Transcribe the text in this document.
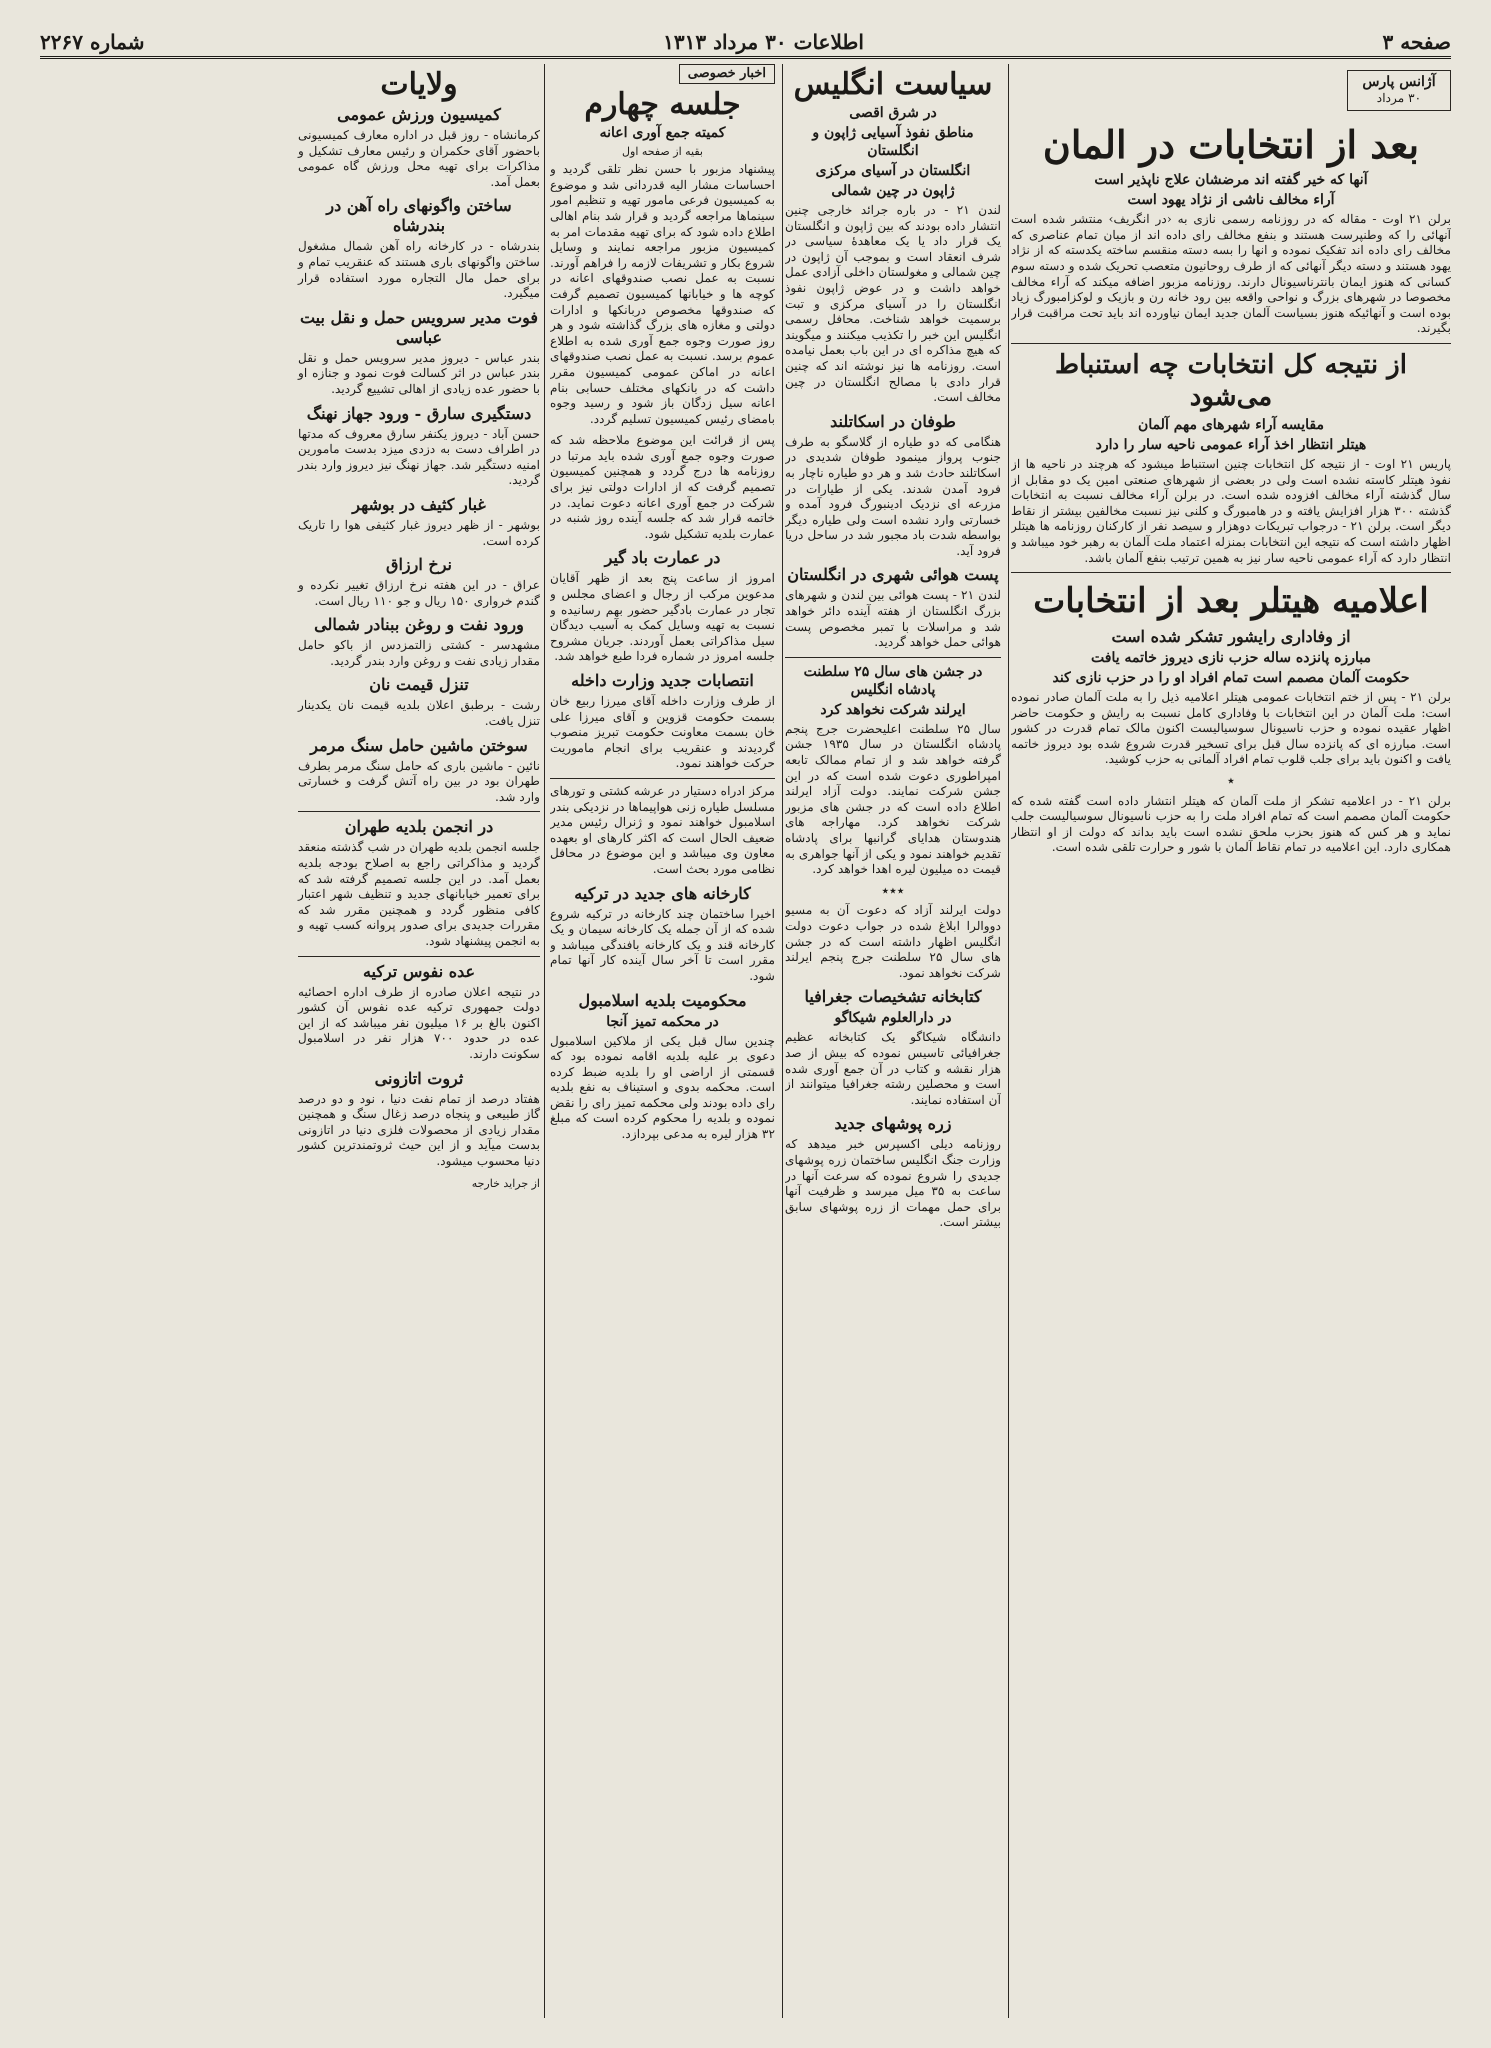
صفحه ۳
اطلاعات ۳۰ مرداد ۱۳۱۳
شماره ۲۲۶۷
آژانس پارس
۳۰ مرداد
بعد از انتخابات در المان
آنها که خیر گفته اند مرضشان علاج ناپذیر است
آراء مخالف ناشی از نژاد یهود است
برلن ۲۱ اوت - مقاله که در روزنامه رسمی نازی به ‹در انگریف› منتشر شده است آنهائی را که وطنپرست هستند و بنفع مخالف رای داده اند از میان تمام عناصری که مخالف رای داده اند تفکیک نموده و انها را بسه دسته منقسم ساخته یکدسته که از نژاد یهود هستند و دسته دیگر آنهائی که از طرف روحانیون متعصب تحریک شده و دسته سوم کسانی که هنوز ایمان بانترناسیونال دارند. روزنامه مزبور اضافه میکند که آراء مخالف مخصوصا در شهرهای بزرگ و نواحی واقعه بین رود خانه رن و بازیک و لوکزامبورگ زیاد بوده است و آنهائیکه هنوز بسیاست آلمان جدید ایمان نیاورده اند باید تحت مراقبت قرار بگیرند.
از نتیجه کل انتخابات چه استنباط می‌شود
مقایسه آراء شهرهای مهم آلمان
هیتلر انتظار اخذ آراء عمومی ناحیه سار را دارد
پاریس ۲۱ اوت - از نتیجه کل انتخابات چنین استنباط میشود که هرچند در ناحیه ها از نفوذ هیتلر کاسته نشده است ولی در بعضی از شهرهای صنعتی امین یک دو مقابل از سال گذشته آراء مخالف افزوده شده است. در برلن آراء مخالف نسبت به انتخابات گذشته ۳۰۰ هزار افزایش یافته و در هامبورگ و کلنی نیز نسبت مخالفین بیشتر از نقاط دیگر است. برلن ۲۱ - درجواب تبریکات دوهزار و سیصد نفر از کارکنان روزنامه ها هیتلر اظهار داشته است که نتیجه این انتخابات بمنزله اعتماد ملت آلمان به رهبر خود میباشد و انتظار دارد که آراء عمومی ناحیه سار نیز به همین ترتیب بنفع آلمان باشد.
اعلامیه هیتلر بعد از انتخابات
از وفاداری رایشور تشکر شده است
مبارزه پانزده ساله حزب نازی دیروز خاتمه یافت
حکومت آلمان مصمم است تمام افراد او را در حزب نازی کند
برلن ۲۱ - پس از ختم انتخابات عمومی هیتلر اعلامیه ذیل را به ملت آلمان صادر نموده است: ملت آلمان در این انتخابات با وفاداری کامل نسبت به رایش و حکومت حاضر اظهار عقیده نموده و حزب ناسیونال سوسیالیست اکنون مالک تمام قدرت در کشور است. مبارزه ای که پانزده سال قبل برای تسخیر قدرت شروع شده بود دیروز خاتمه یافت و اکنون باید برای جلب قلوب تمام افراد آلمانی به حزب کوشید.
٭
برلن ۲۱ - در اعلامیه تشکر از ملت آلمان که هیتلر انتشار داده است گفته شده که حکومت آلمان مصمم است که تمام افراد ملت را به حزب ناسیونال سوسیالیست جلب نماید و هر کس که هنوز بحزب ملحق نشده است باید بداند که دولت از او انتظار همکاری دارد. این اعلامیه در تمام نقاط آلمان با شور و حرارت تلقی شده است.
سیاست انگلیس
در شرق اقصی
مناطق نفوذ آسیایی ژاپون و انگلستان
انگلستان در آسیای مرکزی
ژاپون در چین شمالی
لندن ۲۱ - در باره جرائد خارجی چنین انتشار داده بودند که بین ژاپون و انگلستان یک قرار داد یا یک معاهدۀ سیاسی در شرف انعقاد است و بموجب آن ژاپون در چین شمالی و مغولستان داخلی آزادی عمل خواهد داشت و در عوض ژاپون نفوذ انگلستان را در آسیای مرکزی و تبت برسمیت خواهد شناخت. محافل رسمی انگلیس این خبر را تکذیب میکنند و میگویند که هیچ مذاکره ای در این باب بعمل نیامده است. روزنامه ها نیز نوشته اند که چنین قرار دادی با مصالح انگلستان در چین مخالف است.
طوفان در اسکاتلند
هنگامی که دو طیاره از گلاسگو به طرف جنوب پرواز مینمود طوفان شدیدی در اسکاتلند حادث شد و هر دو طیاره ناچار به فرود آمدن شدند. یکی از طیارات در مزرعه ای نزدیک ادینبورگ فرود آمده و خسارتی وارد نشده است ولی طیاره دیگر بواسطه شدت باد مجبور شد در ساحل دریا فرود آید.
پست هوائی شهری در انگلستان
لندن ۲۱ - پست هوائی بین لندن و شهرهای بزرگ انگلستان از هفته آینده دائر خواهد شد و مراسلات با تمبر مخصوص پست هوائی حمل خواهد گردید.
در جشن های سال ۲۵ سلطنت پادشاه انگلیس
ایرلند شرکت نخواهد کرد
سال ۲۵ سلطنت اعلیحضرت جرج پنجم پادشاه انگلستان در سال ۱۹۳۵ جشن گرفته خواهد شد و از تمام ممالک تابعه امپراطوری دعوت شده است که در این جشن شرکت نمایند. دولت آزاد ایرلند اطلاع داده است که در جشن های مزبور شرکت نخواهد کرد. مهاراجه های هندوستان هدایای گرانبها برای پادشاه تقدیم خواهند نمود و یکی از آنها جواهری به قیمت ده میلیون لیره اهدا خواهد کرد.
٭٭٭
دولت ایرلند آزاد که دعوت آن به مسیو دووالرا ابلاغ شده در جواب دعوت دولت انگلیس اظهار داشته است که در جشن های سال ۲۵ سلطنت جرج پنجم ایرلند شرکت نخواهد نمود.
کتابخانه تشخیصات جغرافیا
در دارالعلوم شیکاگو
دانشگاه شیکاگو یک کتابخانه عظیم جغرافیائی تاسیس نموده که بیش از صد هزار نقشه و کتاب در آن جمع آوری شده است و محصلین رشته جغرافیا میتوانند از آن استفاده نمایند.
زره پوشهای جدید
روزنامه دیلی اکسپرس خبر میدهد که وزارت جنگ انگلیس ساختمان زره پوشهای جدیدی را شروع نموده که سرعت آنها در ساعت به ۳۵ میل میرسد و ظرفیت آنها برای حمل مهمات از زره پوشهای سابق بیشتر است.
اخبار خصوصی
جلسه چهارم
کمیته جمع آوری اعانه
بقیه از صفحه اول
پیشنهاد مزبور با حسن نظر تلقی گردید و احساسات مشار الیه قدردانی شد و موضوع به کمیسیون فرعی مامور تهیه و تنظیم امور سینماها مراجعه گردید و قرار شد بنام اهالی اطلاع داده شود که برای تهیه مقدمات امر به کمیسیون مزبور مراجعه نمایند و وسایل شروع بکار و تشریفات لازمه را فراهم آورند. نسبت به عمل نصب صندوقهای اعانه در کوچه ها و خیابانها کمیسیون تصمیم گرفت که صندوقها مخصوص دربانکها و ادارات دولتی و مغازه های بزرگ گذاشته شود و هر روز صورت وجوه جمع آوری شده به اطلاع عموم برسد. نسبت به عمل نصب صندوقهای اعانه در اماکن عمومی کمیسیون مقرر داشت که در بانکهای مختلف حسابی بنام اعانه سیل زدگان باز شود و رسید وجوه بامضای رئیس کمیسیون تسلیم گردد.
پس از قرائت این موضوع ملاحظه شد که صورت وجوه جمع آوری شده باید مرتبا در روزنامه ها درج گردد و همچنین کمیسیون تصمیم گرفت که از ادارات دولتی نیز برای شرکت در جمع آوری اعانه دعوت نماید. در خاتمه قرار شد که جلسه آینده روز شنبه در عمارت بلدیه تشکیل شود.
در عمارت باد گیر
امروز از ساعت پنج بعد از ظهر آقایان مدعوین مرکب از رجال و اعضای مجلس و تجار در عمارت بادگیر حضور بهم رسانیده و نسبت به تهیه وسایل کمک به آسیب دیدگان سیل مذاکراتی بعمل آوردند. جریان مشروح جلسه امروز در شماره فردا طبع خواهد شد.
انتصابات جدید وزارت داخله
از طرف وزارت داخله آقای میرزا ربیع خان بسمت حکومت قزوین و آقای میرزا علی خان بسمت معاونت حکومت تبریز منصوب گردیدند و عنقریب برای انجام ماموریت حرکت خواهند نمود.
مرکز ادراه دستیار در عرشه کشتی و تورهای مسلسل طیاره زنی هواپیماها در نزدیکی بندر اسلامبول خواهند نمود و ژنرال رئیس مدیر ضعیف الحال است که اکثر کارهای او بعهده معاون وی میباشد و این موضوع در محافل نظامی مورد بحث است.
کارخانه های جدید در ترکیه
اخیرا ساختمان چند کارخانه در ترکیه شروع شده که از آن جمله یک کارخانه سیمان و یک کارخانه قند و یک کارخانه بافندگی میباشد و مقرر است تا آخر سال آینده کار آنها تمام شود.
محکومیت بلدیه اسلامبول
در محکمه تمیز آنجا
چندین سال قبل یکی از ملاکین اسلامبول دعوی بر علیه بلدیه اقامه نموده بود که قسمتی از اراضی او را بلدیه ضبط کرده است. محکمه بدوی و استیناف به نفع بلدیه رای داده بودند ولی محکمه تمیز رای را نقض نموده و بلدیه را محکوم کرده است که مبلغ ۳۲ هزار لیره به مدعی بپردازد.
ولایات
کمیسیون ورزش عمومی
کرمانشاه - روز قبل در اداره معارف کمیسیونی باحضور آقای حکمران و رئیس معارف تشکیل و مذاکرات برای تهیه محل ورزش گاه عمومی بعمل آمد.
ساختن واگونهای راه آهن در بندرشاه
بندرشاه - در کارخانه راه آهن شمال مشغول ساختن واگونهای باری هستند که عنقریب تمام و برای حمل مال التجاره مورد استفاده قرار میگیرد.
فوت مدیر سرویس حمل و نقل بیت عباسی
بندر عباس - دیروز مدیر سرویس حمل و نقل بندر عباس در اثر کسالت فوت نمود و جنازه او با حضور عده زیادی از اهالی تشییع گردید.
دستگیری سارق - ورود جهاز نهنگ
حسن آباد - دیروز یکنفر سارق معروف که مدتها در اطراف دست به دزدی میزد بدست مامورین امنیه دستگیر شد. جهاز نهنگ نیز دیروز وارد بندر گردید.
غبار کثیف در بوشهر
بوشهر - از ظهر دیروز غبار کثیفی هوا را تاریک کرده است.
نرخ ارزاق
عراق - در این هفته نرخ ارزاق تغییر نکرده و گندم خرواری ۱۵۰ ریال و جو ۱۱۰ ریال است.
ورود نفت و روغن ببنادر شمالی
مشهدسر - کشتی زالتمزدس از باکو حامل مقدار زیادی نفت و روغن وارد بندر گردید.
تنزل قیمت نان
رشت - برطبق اعلان بلدیه قیمت نان یکدینار تنزل یافت.
سوختن ماشین حامل سنگ مرمر
نائین - ماشین باری که حامل سنگ مرمر بطرف طهران بود در بین راه آتش گرفت و خسارتی وارد شد.
در انجمن بلدیه طهران
جلسه انجمن بلدیه طهران در شب گذشته منعقد گردید و مذاکراتی راجع به اصلاح بودجه بلدیه بعمل آمد. در این جلسه تصمیم گرفته شد که برای تعمیر خیابانهای جدید و تنظیف شهر اعتبار کافی منظور گردد و همچنین مقرر شد که مقررات جدیدی برای صدور پروانه کسب تهیه و به انجمن پیشنهاد شود.
عده نفوس ترکیه
در نتیجه اعلان صادره از طرف اداره احصائیه دولت جمهوری ترکیه عده نفوس آن کشور اکنون بالغ بر ۱۶ میلیون نفر میباشد که از این عده در حدود ۷۰۰ هزار نفر در اسلامبول سکونت دارند.
ثروت اتازونی
هفتاد درصد از تمام نفت دنیا ، نود و دو درصد گاز طبیعی و پنجاه درصد زغال سنگ و همچنین مقدار زیادی از محصولات فلزی دنیا در اتازونی بدست میآید و از این حیث ثروتمندترین کشور دنیا محسوب میشود.
از جراید خارجه
